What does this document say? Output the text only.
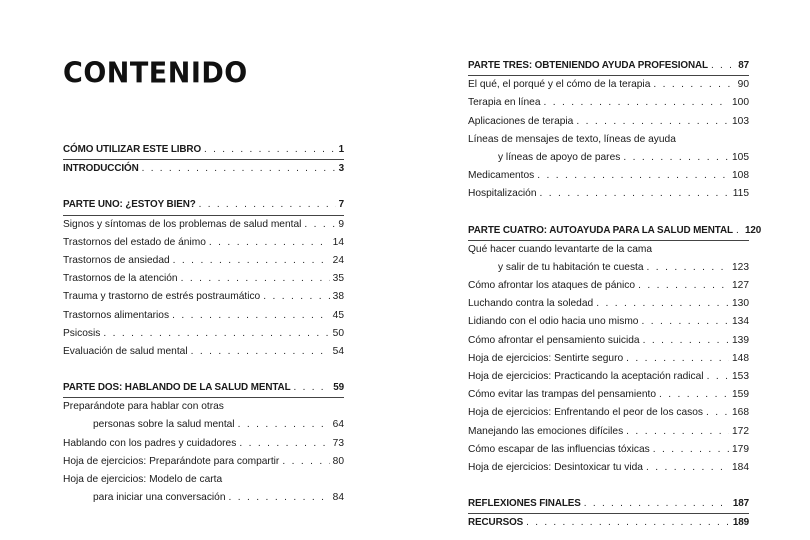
CONTENIDO
CÓMO UTILIZAR ESTE LIBRO . . .	1
INTRODUCCIÓN . . .	3
PARTE UNO: ¿ESTOY BIEN? . . .	7
Signos y síntomas de los problemas de salud mental . . .	9
Trastornos del estado de ánimo . . .	14
Trastornos de ansiedad . . .	24
Trastornos de la atención . . .	35
Trauma y trastorno de estrés postraumático . . .	38
Trastornos alimentarios . . .	45
Psicosis . . .	50
Evaluación de salud mental . . .	54
PARTE DOS: HABLANDO DE LA SALUD MENTAL . . .	59
Preparándote para hablar con otras
personas sobre la salud mental . . .	64
Hablando con los padres y cuidadores . . .	73
Hoja de ejercicios: Preparándote para compartir . . .	80
Hoja de ejercicios: Modelo de carta
para iniciar una conversación . . .	84
PARTE TRES: OBTENIENDO AYUDA PROFESIONAL . . .	87
El qué, el porqué y el cómo de la terapia . . .	90
Terapia en línea . . .	100
Aplicaciones de terapia . . .	103
Líneas de mensajes de texto, líneas de ayuda
y líneas de apoyo de pares . . .	105
Medicamentos . . .	108
Hospitalización . . .	115
PARTE CUATRO: AUTOAYUDA PARA LA SALUD MENTAL . . . 120
Qué hacer cuando levantarte de la cama
y salir de tu habitación te cuesta . . .	123
Cómo afrontar los ataques de pánico . . .	127
Luchando contra la soledad . . .	130
Lidiando con el odio hacia uno mismo . . .	134
Cómo afrontar el pensamiento suicida . . .	139
Hoja de ejercicios: Sentirte seguro . . .	148
Hoja de ejercicios: Practicando la aceptación radical . . .	153
Cómo evitar las trampas del pensamiento . . .	159
Hoja de ejercicios: Enfrentando el peor de los casos . . .	168
Manejando las emociones difíciles . . .	172
Cómo escapar de las influencias tóxicas . . .	179
Hoja de ejercicios: Desintoxicar tu vida . . .	184
REFLEXIONES FINALES . . .	187
RECURSOS . . .	189
